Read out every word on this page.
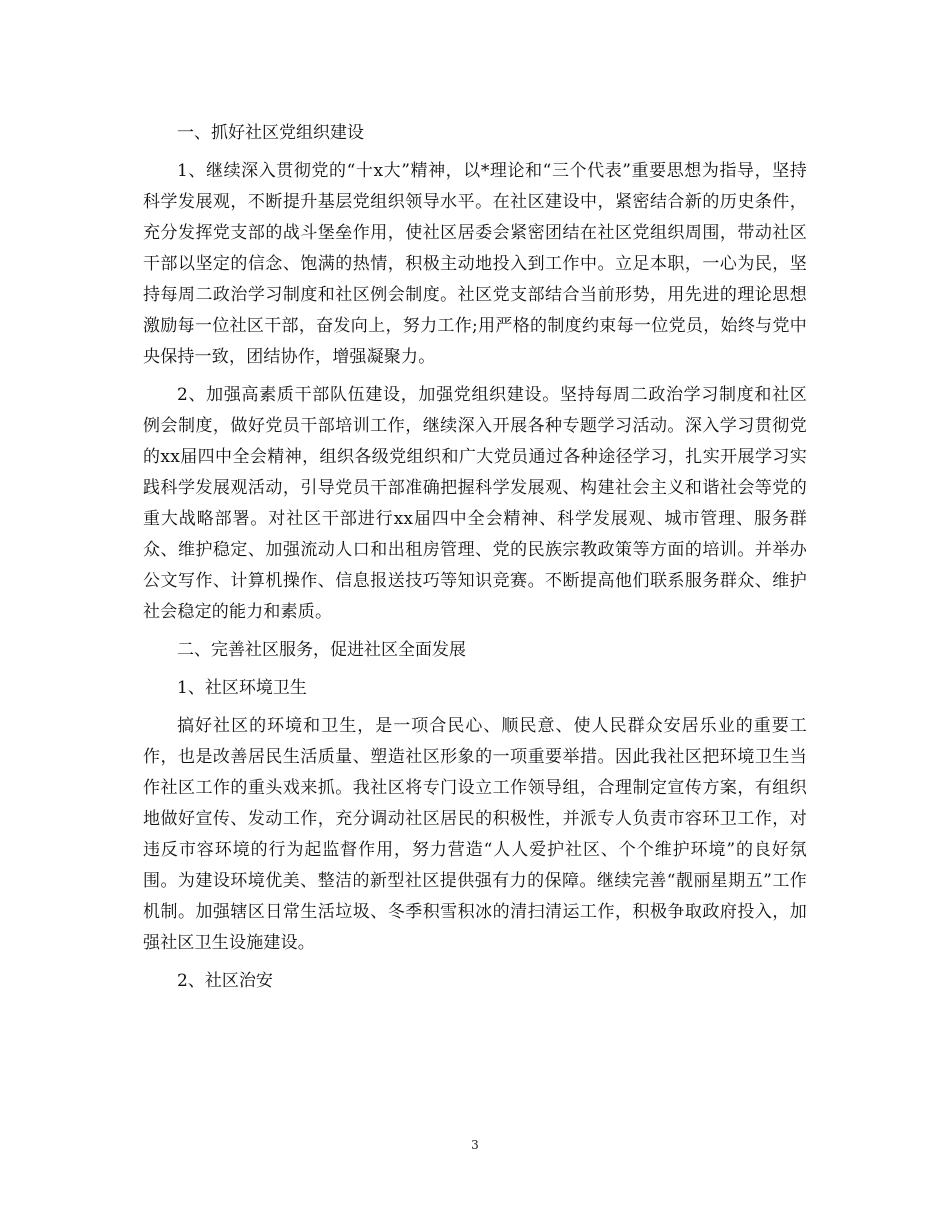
一、抓好社区党组织建设

1、继续深入贯彻党的“十x大”精神，以*理论和“三个代表”重要思想为指导，坚持科学发展观，不断提升基层党组织领导水平。在社区建设中，紧密结合新的历史条件，充分发挥党支部的战斗堡垒作用，使社区居委会紧密团结在社区党组织周围，带动社区干部以坚定的信念、饱满的热情，积极主动地投入到工作中。立足本职，一心为民，坚持每周二政治学习制度和社区例会制度。社区党支部结合当前形势，用先进的理论思想激励每一位社区干部，奋发向上，努力工作;用严格的制度约束每一位党员，始终与党中央保持一致，团结协作，增强凝聚力。

2、加强高素质干部队伍建设，加强党组织建设。坚持每周二政治学习制度和社区例会制度，做好党员干部培训工作，继续深入开展各种专题学习活动。深入学习贯彻党的xx届四中全会精神，组织各级党组织和广大党员通过各种途径学习，扎实开展学习实践科学发展观活动，引导党员干部准确把握科学发展观、构建社会主义和谐社会等党的重大战略部署。对社区干部进行xx届四中全会精神、科学发展观、城市管理、服务群众、维护稳定、加强流动人口和出租房管理、党的民族宗教政策等方面的培训。并举办公文写作、计算机操作、信息报送技巧等知识竞赛。不断提高他们联系服务群众、维护社会稳定的能力和素质。

二、完善社区服务，促进社区全面发展

1、社区环境卫生

搞好社区的环境和卫生，是一项合民心、顺民意、使人民群众安居乐业的重要工作，也是改善居民生活质量、塑造社区形象的一项重要举措。因此我社区把环境卫生当作社区工作的重头戏来抓。我社区将专门设立工作领导组，合理制定宣传方案，有组织地做好宣传、发动工作，充分调动社区居民的积极性，并派专人负责市容环卫工作，对违反市容环境的行为起监督作用，努力营造“人人爱护社区、个个维护环境”的良好氛围。为建设环境优美、整洁的新型社区提供强有力的保障。继续完善“靓丽星期五”工作机制。加强辖区日常生活垃圾、冬季积雪积冰的清扫清运工作，积极争取政府投入，加强社区卫生设施建设。

2、社区治安

3
